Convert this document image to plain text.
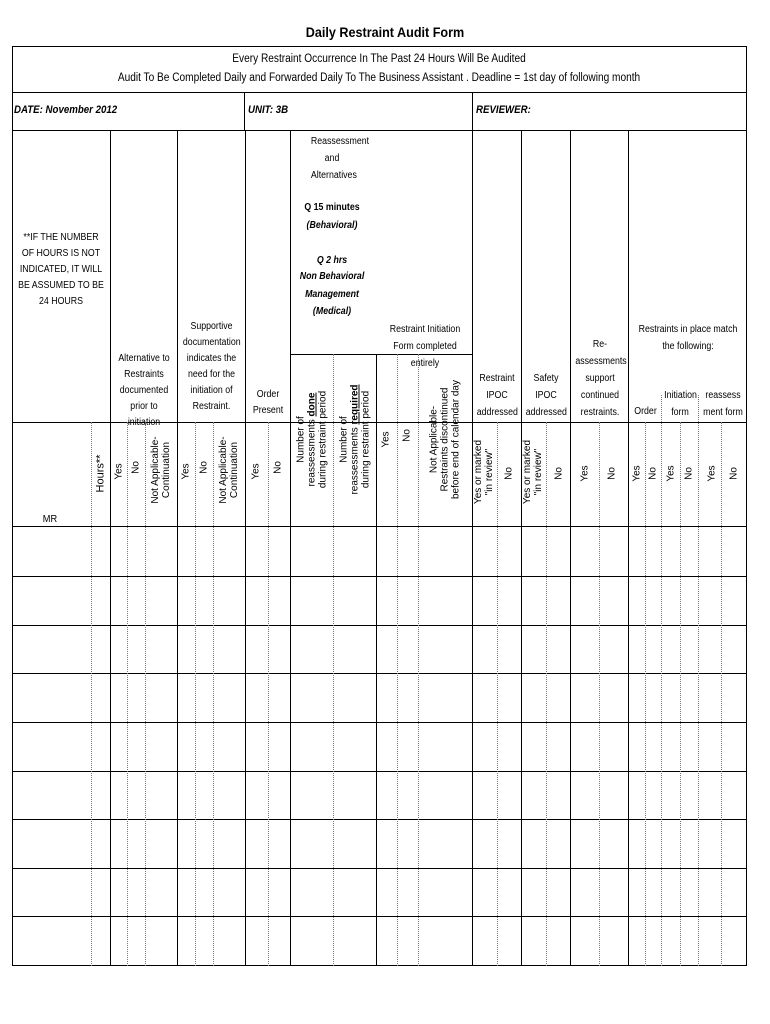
Daily Restraint Audit Form
Every Restraint Occurrence In The Past 24 Hours Will Be Audited
Audit To Be Completed Daily and Forwarded Daily To The Business Assistant . Deadline = 1st day of following month
DATE: November 2012	UNIT: 3B	REVIEWER:
**IF THE NUMBER OF HOURS IS NOT INDICATED, IT WILL BE ASSUMED TO BE 24 HOURS
Alternative to Restraints documented prior to initiation
Supportive documentation indicates the need for the initiation of Restraint.
Order Present
Reassessment and Alternatives
Q 15 minutes
(Behavioral)
Q 2 hrs
Non Behavioral
Management
(Medical)
Restraint Initiation Form completed entirely
Restraint IPOC addressed
Safety IPOC addressed
Re-assessments support continued restraints.
Restraints in place match the following:
Order
Initiation form
reassessment form
Hours**
MR
Yes No Not Applicable-
Continuation Yes No Not Applicable-
Continuation Yes No
Number of
reassessments done
during restraint period Number of
reassessments required
during restraint period Yes No Not Applicable-
Restraints discontinued
before end of calendar day Yes or marked
"in review" No Yes or marked
"in review" No Yes No Yes No Yes No Yes No
